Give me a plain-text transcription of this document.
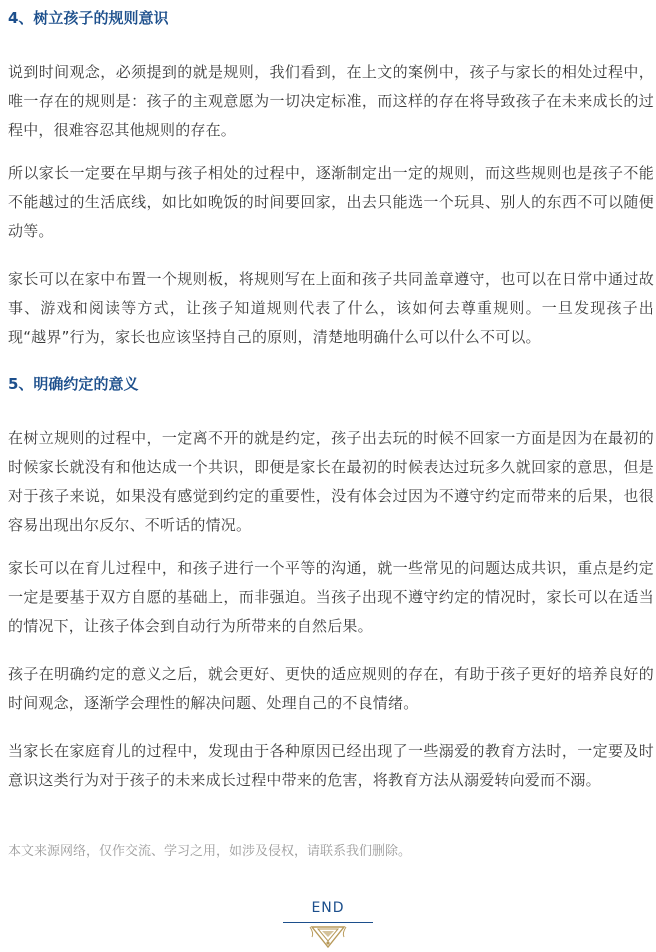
4、树立孩子的规则意识

说到时间观念，必须提到的就是规则，我们看到，在上文的案例中，孩子与家长的相处过程中，唯一存在的规则是：孩子的主观意愿为一切决定标准，而这样的存在将导致孩子在未来成长的过程中，很难容忍其他规则的存在。

所以家长一定要在早期与孩子相处的过程中，逐渐制定出一定的规则，而这些规则也是孩子不能不能越过的生活底线，如比如晚饭的时间要回家，出去只能选一个玩具、别人的东西不可以随便动等。

家长可以在家中布置一个规则板，将规则写在上面和孩子共同盖章遵守，也可以在日常中通过故事、游戏和阅读等方式，让孩子知道规则代表了什么，该如何去尊重规则。一旦发现孩子出现“越界”行为，家长也应该坚持自己的原则，清楚地明确什么可以什么不可以。

5、明确约定的意义

在树立规则的过程中，一定离不开的就是约定，孩子出去玩的时候不回家一方面是因为在最初的时候家长就没有和他达成一个共识，即便是家长在最初的时候表达过玩多久就回家的意思，但是对于孩子来说，如果没有感觉到约定的重要性，没有体会过因为不遵守约定而带来的后果，也很容易出现出尔反尔、不听话的情况。

家长可以在育儿过程中，和孩子进行一个平等的沟通，就一些常见的问题达成共识，重点是约定一定是要基于双方自愿的基础上，而非强迫。当孩子出现不遵守约定的情况时，家长可以在适当的情况下，让孩子体会到自动行为所带来的自然后果。

孩子在明确约定的意义之后，就会更好、更快的适应规则的存在，有助于孩子更好的培养良好的时间观念，逐渐学会理性的解决问题、处理自己的不良情绪。

当家长在家庭育儿的过程中，发现由于各种原因已经出现了一些溺爱的教育方法时，一定要及时意识这类行为对于孩子的未来成长过程中带来的危害，将教育方法从溺爱转向爱而不溺。

本文来源网络，仅作交流、学习之用，如涉及侵权，请联系我们删除。

END
